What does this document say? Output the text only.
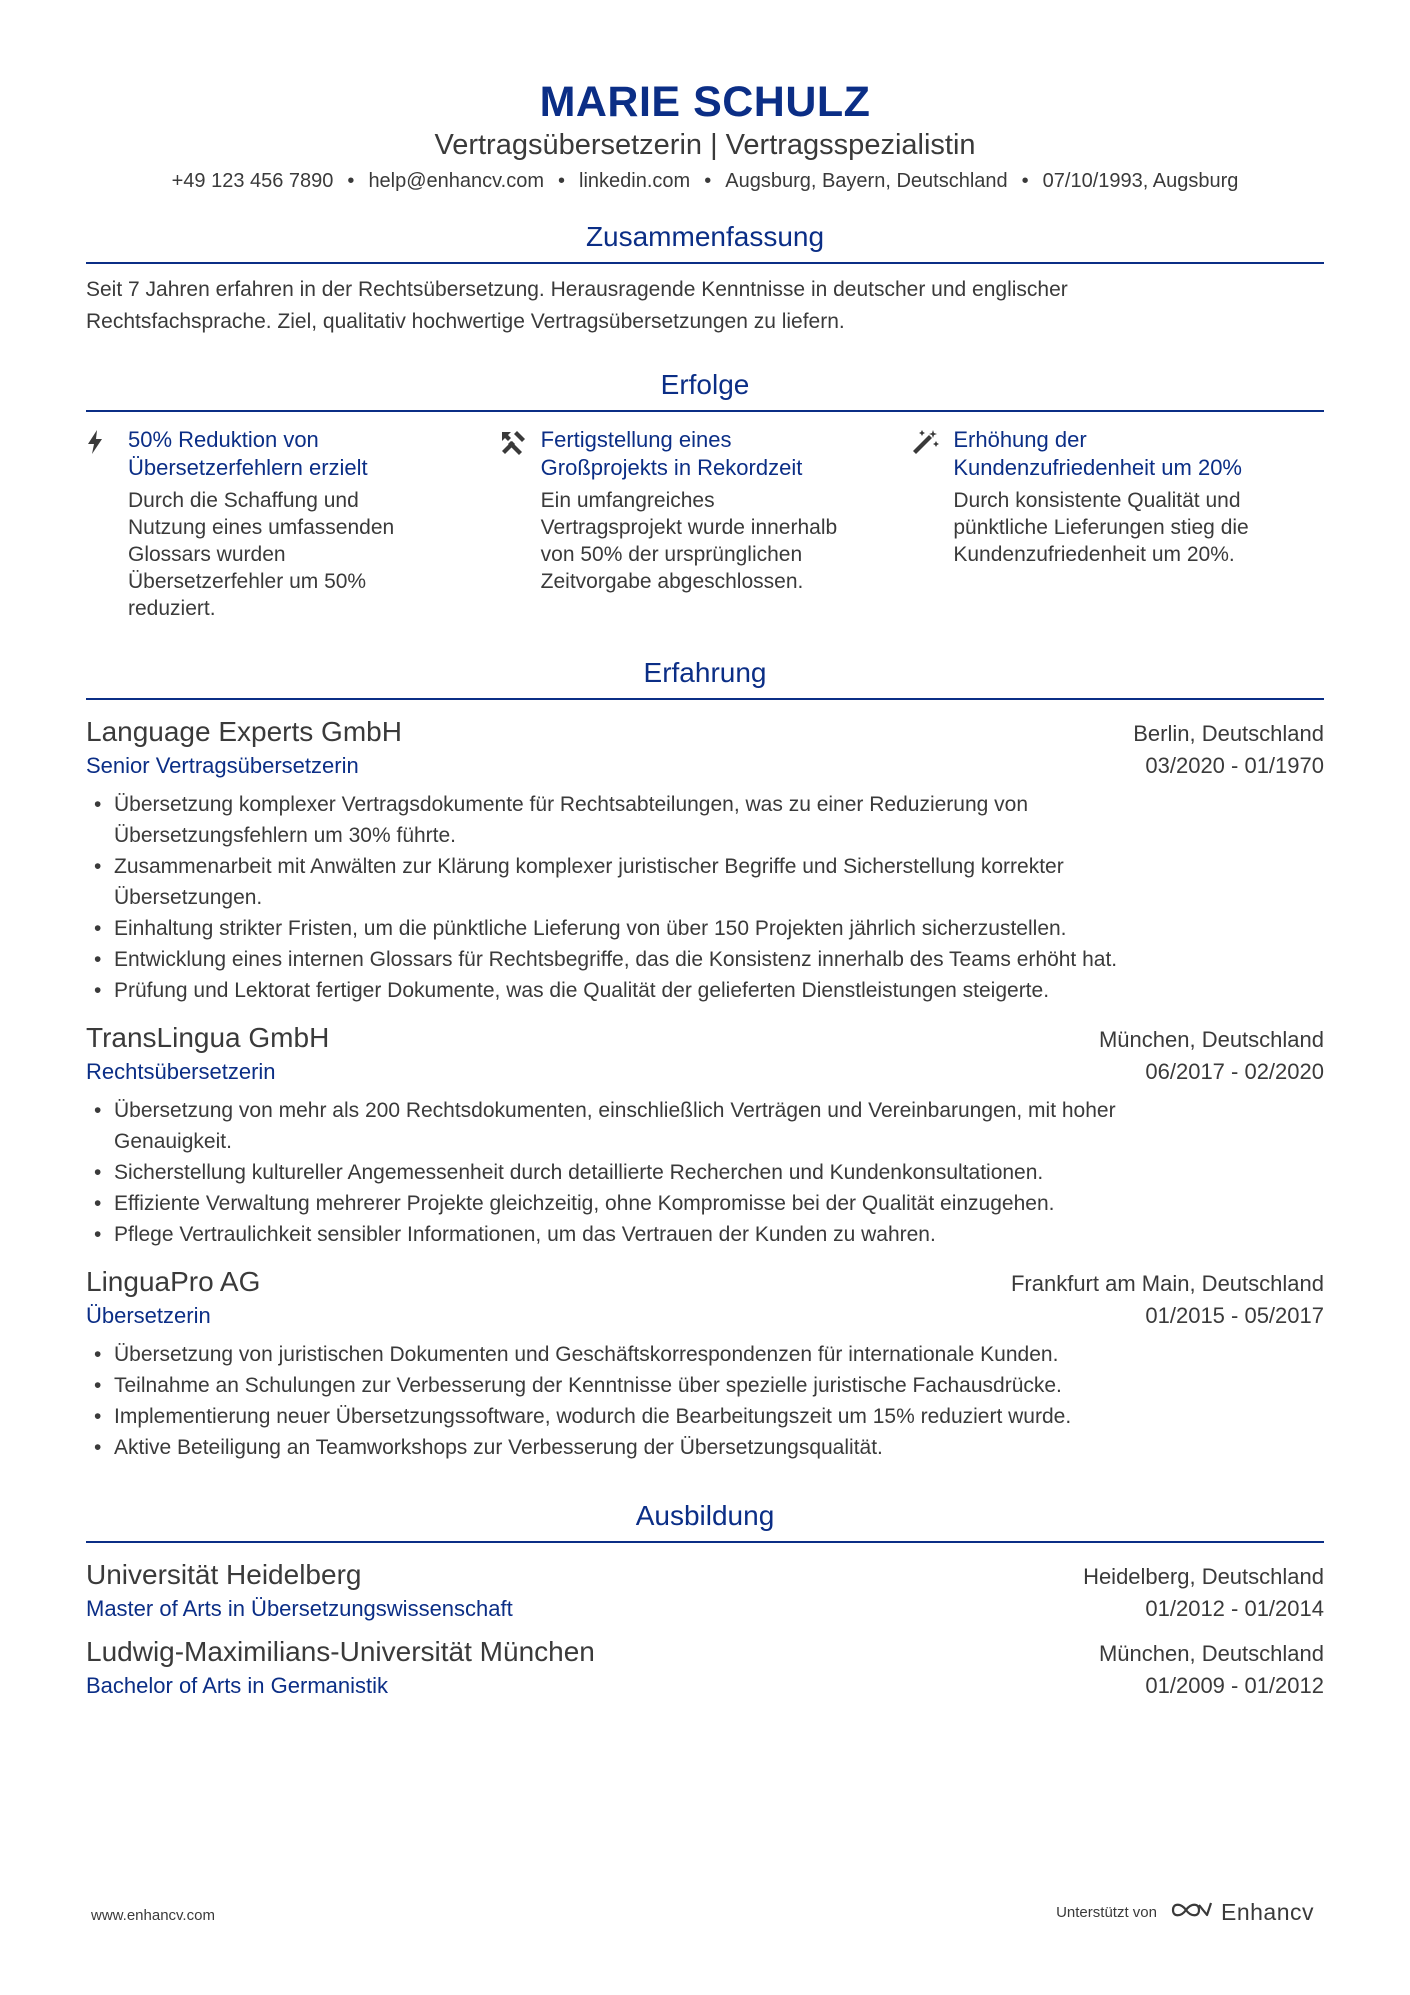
MARIE SCHULZ
Vertragsübersetzerin | Vertragsspezialistin
+49 123 456 7890 • help@enhancv.com • linkedin.com • Augsburg, Bayern, Deutschland • 07/10/1993, Augsburg
Zusammenfassung
Seit 7 Jahren erfahren in der Rechtsübersetzung. Herausragende Kenntnisse in deutscher und englischer
Rechtsfachsprache. Ziel, qualitativ hochwertige Vertragsübersetzungen zu liefern.
Erfolge
50% Reduktion von
Übersetzerfehlern erzielt
Durch die Schaffung und
Nutzung eines umfassenden
Glossars wurden
Übersetzerfehler um 50%
reduziert.
Fertigstellung eines
Großprojekts in Rekordzeit
Ein umfangreiches
Vertragsprojekt wurde innerhalb
von 50% der ursprünglichen
Zeitvorgabe abgeschlossen.
Erhöhung der
Kundenzufriedenheit um 20%
Durch konsistente Qualität und
pünktliche Lieferungen stieg die
Kundenzufriedenheit um 20%.
Erfahrung
Language Experts GmbH	Berlin, Deutschland
Senior Vertragsübersetzerin	03/2020 - 01/1970
• Übersetzung komplexer Vertragsdokumente für Rechtsabteilungen, was zu einer Reduzierung von
Übersetzungsfehlern um 30% führte.
• Zusammenarbeit mit Anwälten zur Klärung komplexer juristischer Begriffe und Sicherstellung korrekter
Übersetzungen.
• Einhaltung strikter Fristen, um die pünktliche Lieferung von über 150 Projekten jährlich sicherzustellen.
• Entwicklung eines internen Glossars für Rechtsbegriffe, das die Konsistenz innerhalb des Teams erhöht hat.
• Prüfung und Lektorat fertiger Dokumente, was die Qualität der gelieferten Dienstleistungen steigerte.
TransLingua GmbH	München, Deutschland
Rechtsübersetzerin	06/2017 - 02/2020
• Übersetzung von mehr als 200 Rechtsdokumenten, einschließlich Verträgen und Vereinbarungen, mit hoher
Genauigkeit.
• Sicherstellung kultureller Angemessenheit durch detaillierte Recherchen und Kundenkonsultationen.
• Effiziente Verwaltung mehrerer Projekte gleichzeitig, ohne Kompromisse bei der Qualität einzugehen.
• Pflege Vertraulichkeit sensibler Informationen, um das Vertrauen der Kunden zu wahren.
LinguaPro AG	Frankfurt am Main, Deutschland
Übersetzerin	01/2015 - 05/2017
• Übersetzung von juristischen Dokumenten und Geschäftskorrespondenzen für internationale Kunden.
• Teilnahme an Schulungen zur Verbesserung der Kenntnisse über spezielle juristische Fachausdrücke.
• Implementierung neuer Übersetzungssoftware, wodurch die Bearbeitungszeit um 15% reduziert wurde.
• Aktive Beteiligung an Teamworkshops zur Verbesserung der Übersetzungsqualität.
Ausbildung
Universität Heidelberg	Heidelberg, Deutschland
Master of Arts in Übersetzungswissenschaft	01/2012 - 01/2014
Ludwig-Maximilians-Universität München	München, Deutschland
Bachelor of Arts in Germanistik	01/2009 - 01/2012
www.enhancv.com	Unterstützt von	Enhancv
